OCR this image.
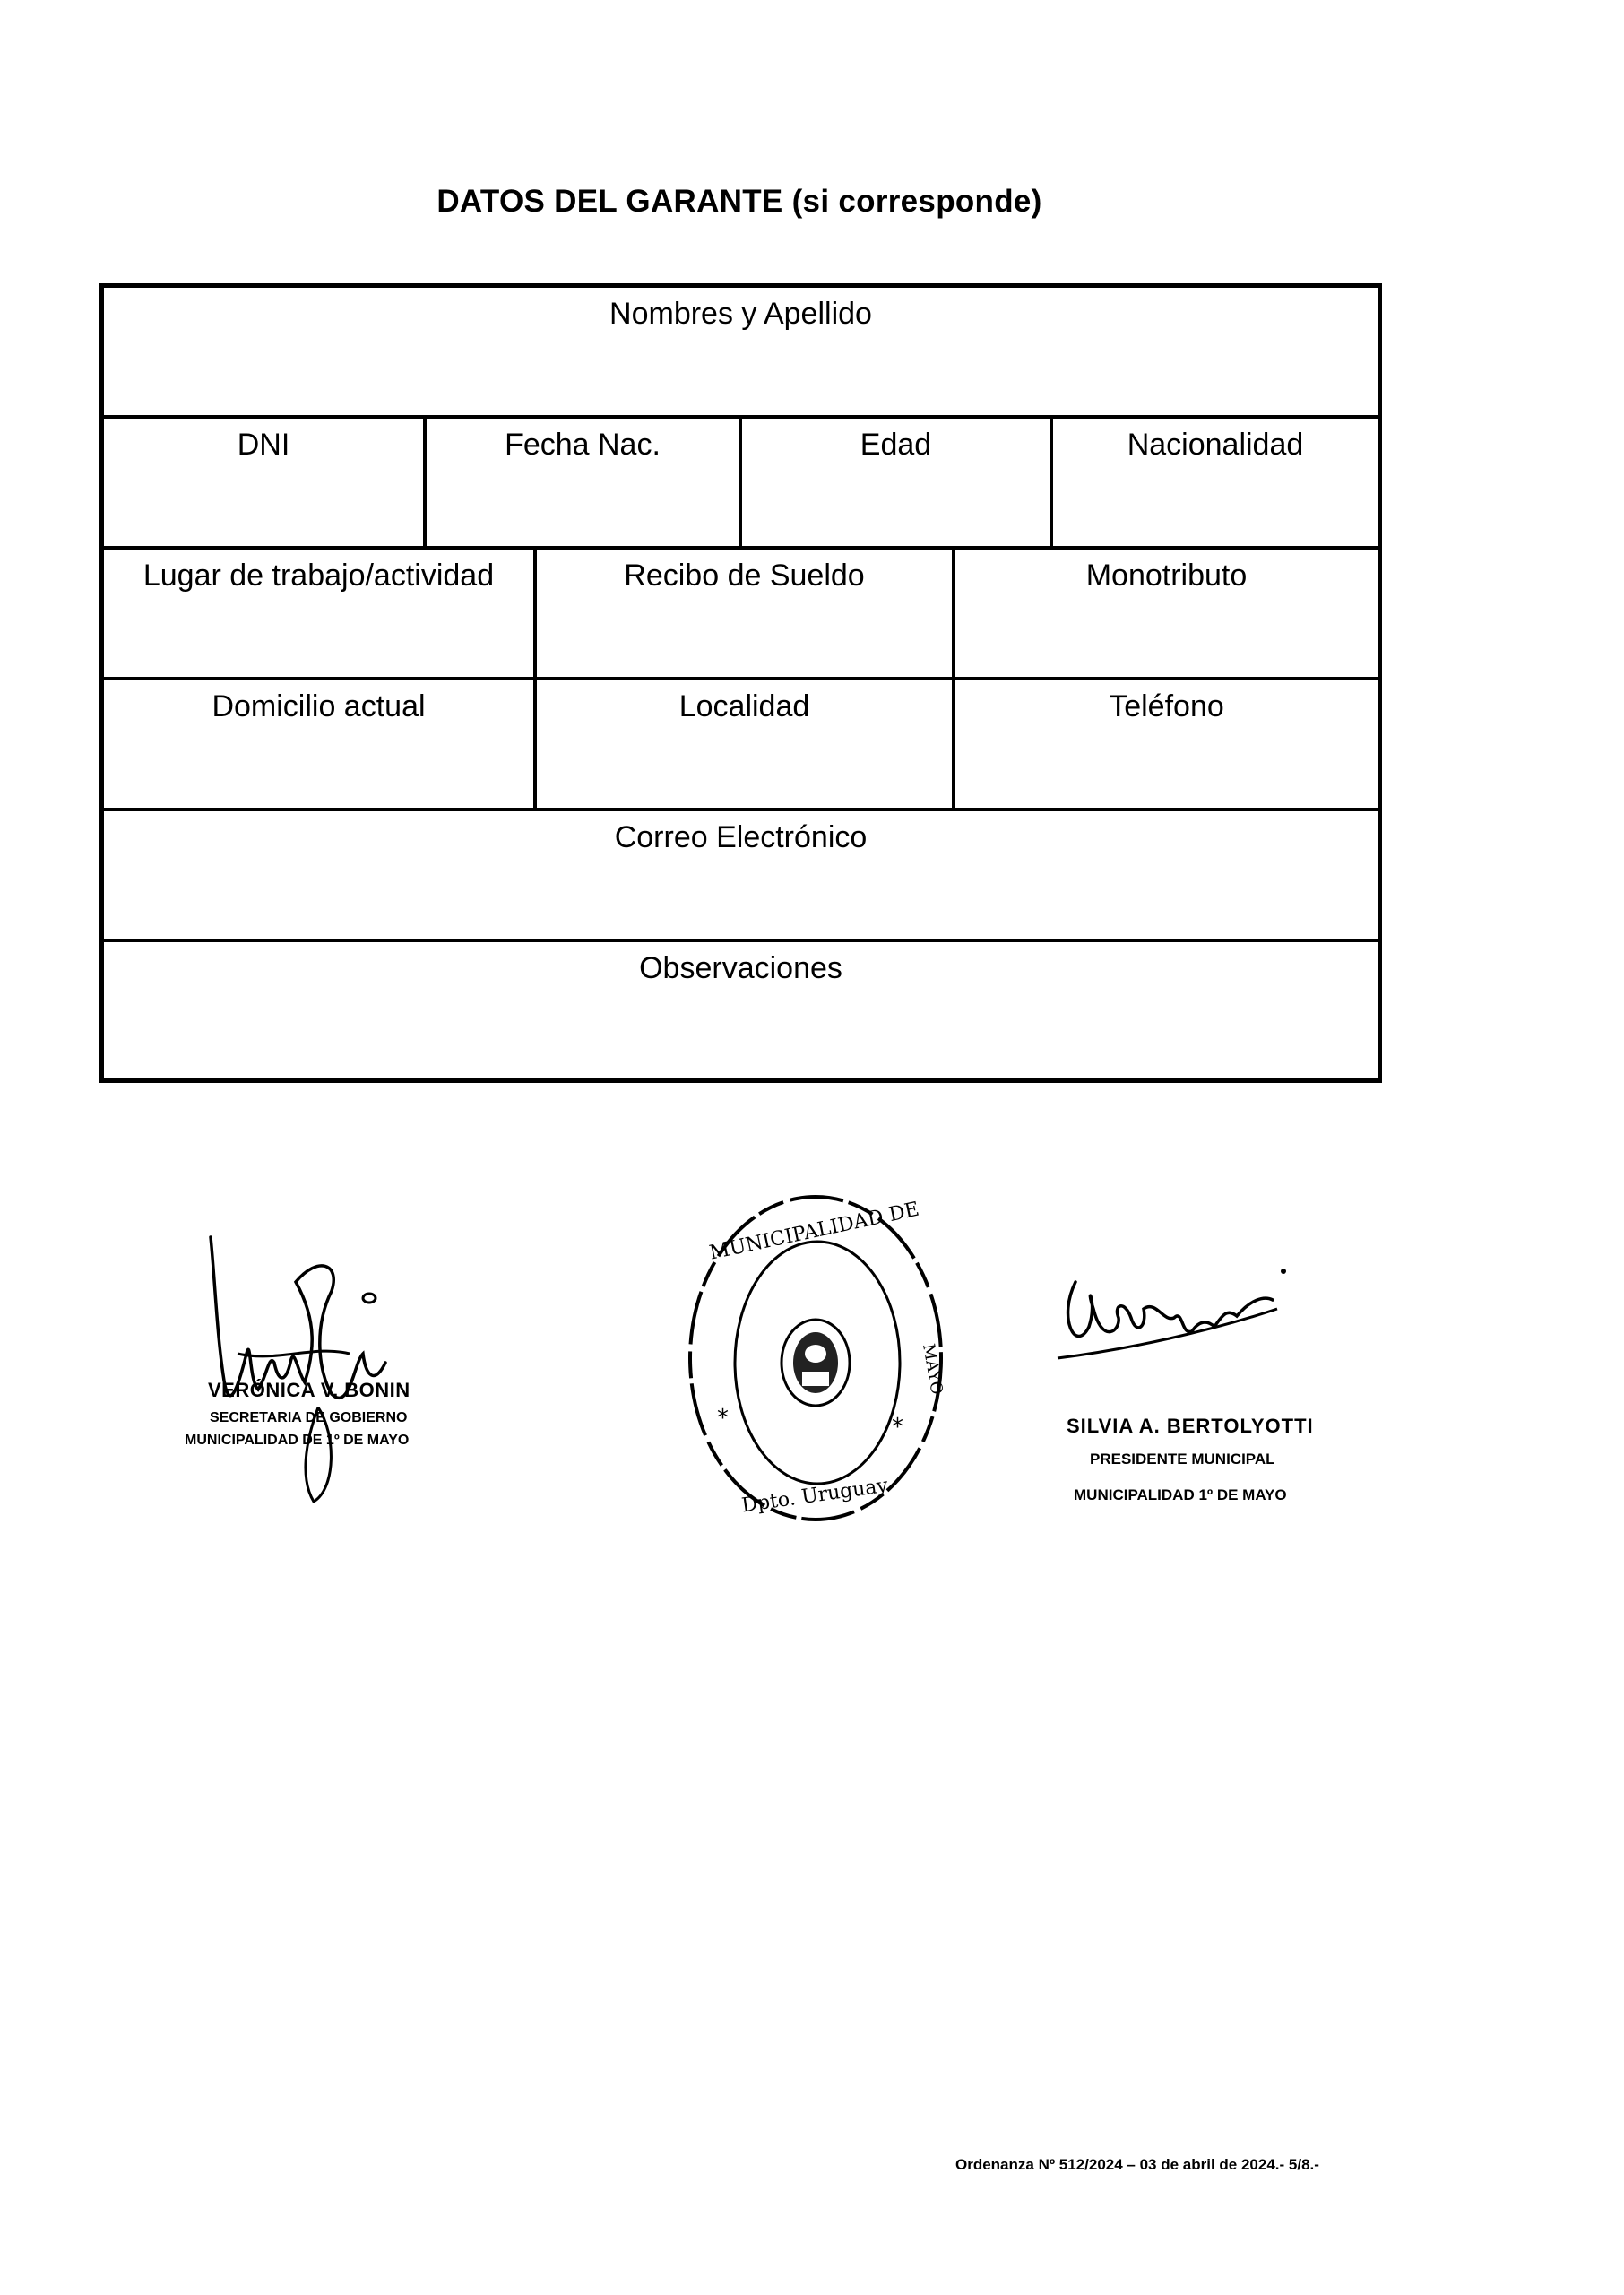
DATOS DEL GARANTE (si corresponde)
Nombres y Apellido
DNI	Fecha Nac.	Edad	Nacionalidad
Lugar de trabajo/actividad	Recibo de Sueldo	Monotributo
Domicilio actual	Localidad	Teléfono
Correo Electrónico
Observaciones
VERÓNICA V. BONIN
SECRETARIA DE GOBIERNO
MUNICIPALIDAD DE 1º DE MAYO
MUNICIPALIDAD DE
MAYO
Dpto. Uruguay
*	*	SILVIA A. BERTOLYOTTI
PRESIDENTE MUNICIPAL
MUNICIPALIDAD 1º DE MAYO
Ordenanza Nº 512/2024 – 03 de abril de 2024.- 5/8.-
